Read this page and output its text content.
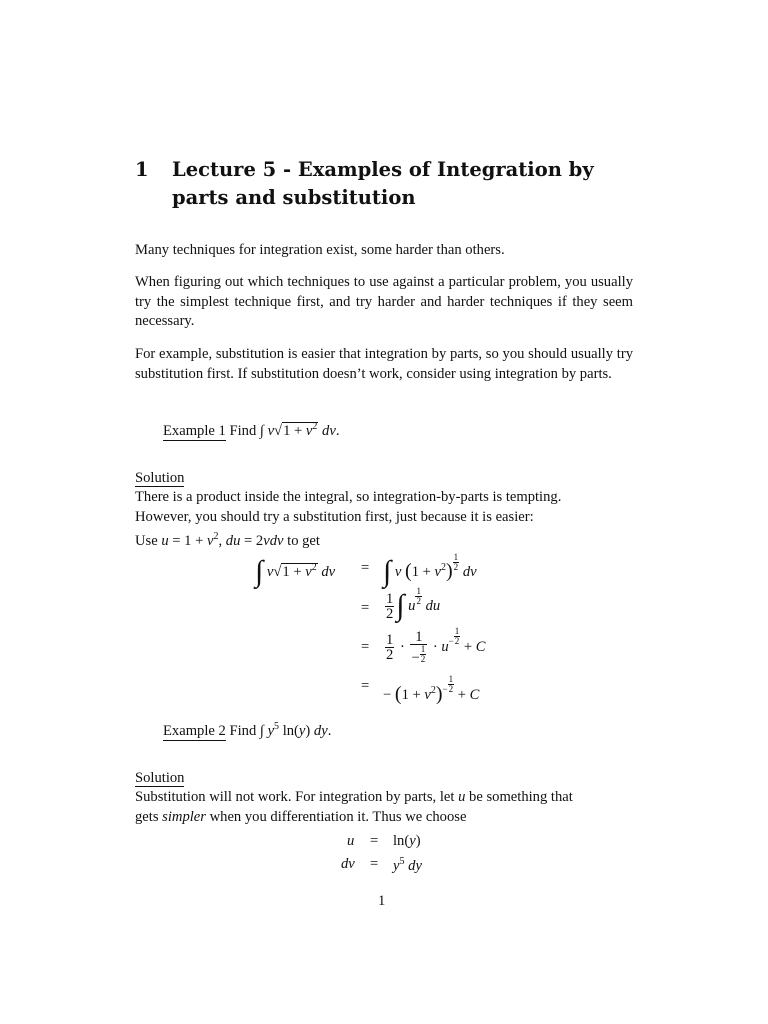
1 Lecture 5 - Examples of Integration by parts and substitution

Many techniques for integration exist, some harder than others.

When figuring out which techniques to use against a particular problem, you usually try the simplest technique first, and try harder and harder techniques if they seem necessary.

For example, substitution is easier that integration by parts, so you should usually try substitution first. If substitution doesn’t work, consider using integration by parts.

Example 1 Find ∫ $v√1 + v^2$ dv.
Solution

There is a product inside the integral, so integration-by-parts is tempting.

However, you should try a substitution first, just because it is easier:

Use $u = 1 + v^2$, du = 2vdv to get

∫ $v√1 + v^2$ dv = ∫ v $(1 + v^2) \frac{1}{2}$ dv
= $\frac{1}{2}$ ∫ u $\frac{1}{2}$ du
= $\frac{1}{2} \cdot \frac{1}{- \frac{1}{2}} \cdot u- \frac{1}{2}$
+ C
=
− $(1 + v^2)- \frac{1}{2}$
+ C
Example 2 Find ∫ $y^5$ ln(y) dy.
Solution

Substitution will not work. For integration by parts, let u be something that

gets simpler when you differentiation it. Thus we choose

u = ln(y)
dv = $y^5$ dy
1
